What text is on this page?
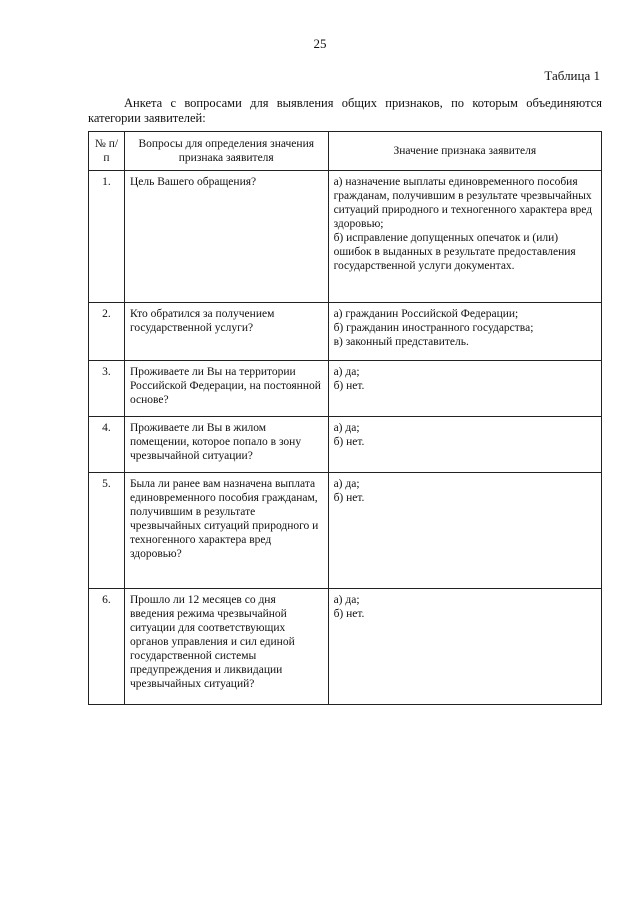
25
Таблица 1
Анкета с вопросами для выявления общих признаков, по которым объединяются категории заявителей:
№ п/п	Вопросы для определения значения признака заявителя	Значение признака заявителя
1.	Цель Вашего обращения?	а) назначение выплаты единовременного пособия гражданам, получившим в результате чрезвычайных ситуаций природного и техногенного характера вред здоровью;
б) исправление допущенных опечаток и (или) ошибок в выданных в результате предоставления государственной услуги документах.

2.	Кто обратился за получением государственной услуги?	а) гражданин Российской Федерации;
б) гражданин иностранного государства;
в) законный представитель.

3.	Проживаете ли Вы на территории Российской Федерации, на постоянной основе?	а) да;
б) нет.

4.	Проживаете ли Вы в жилом помещении, которое попало в зону чрезвычайной ситуации?	а) да;
б) нет.

5.	Была ли ранее вам назначена выплата единовременного пособия гражданам, получившим в результате чрезвычайных ситуаций природного и техногенного характера вред здоровью?	а) да;
б) нет.

6.	Прошло ли 12 месяцев со дня введения режима чрезвычайной ситуации для соответствующих органов управления и сил единой государственной системы предупреждения и ликвидации чрезвычайных ситуаций?	а) да;
б) нет.
